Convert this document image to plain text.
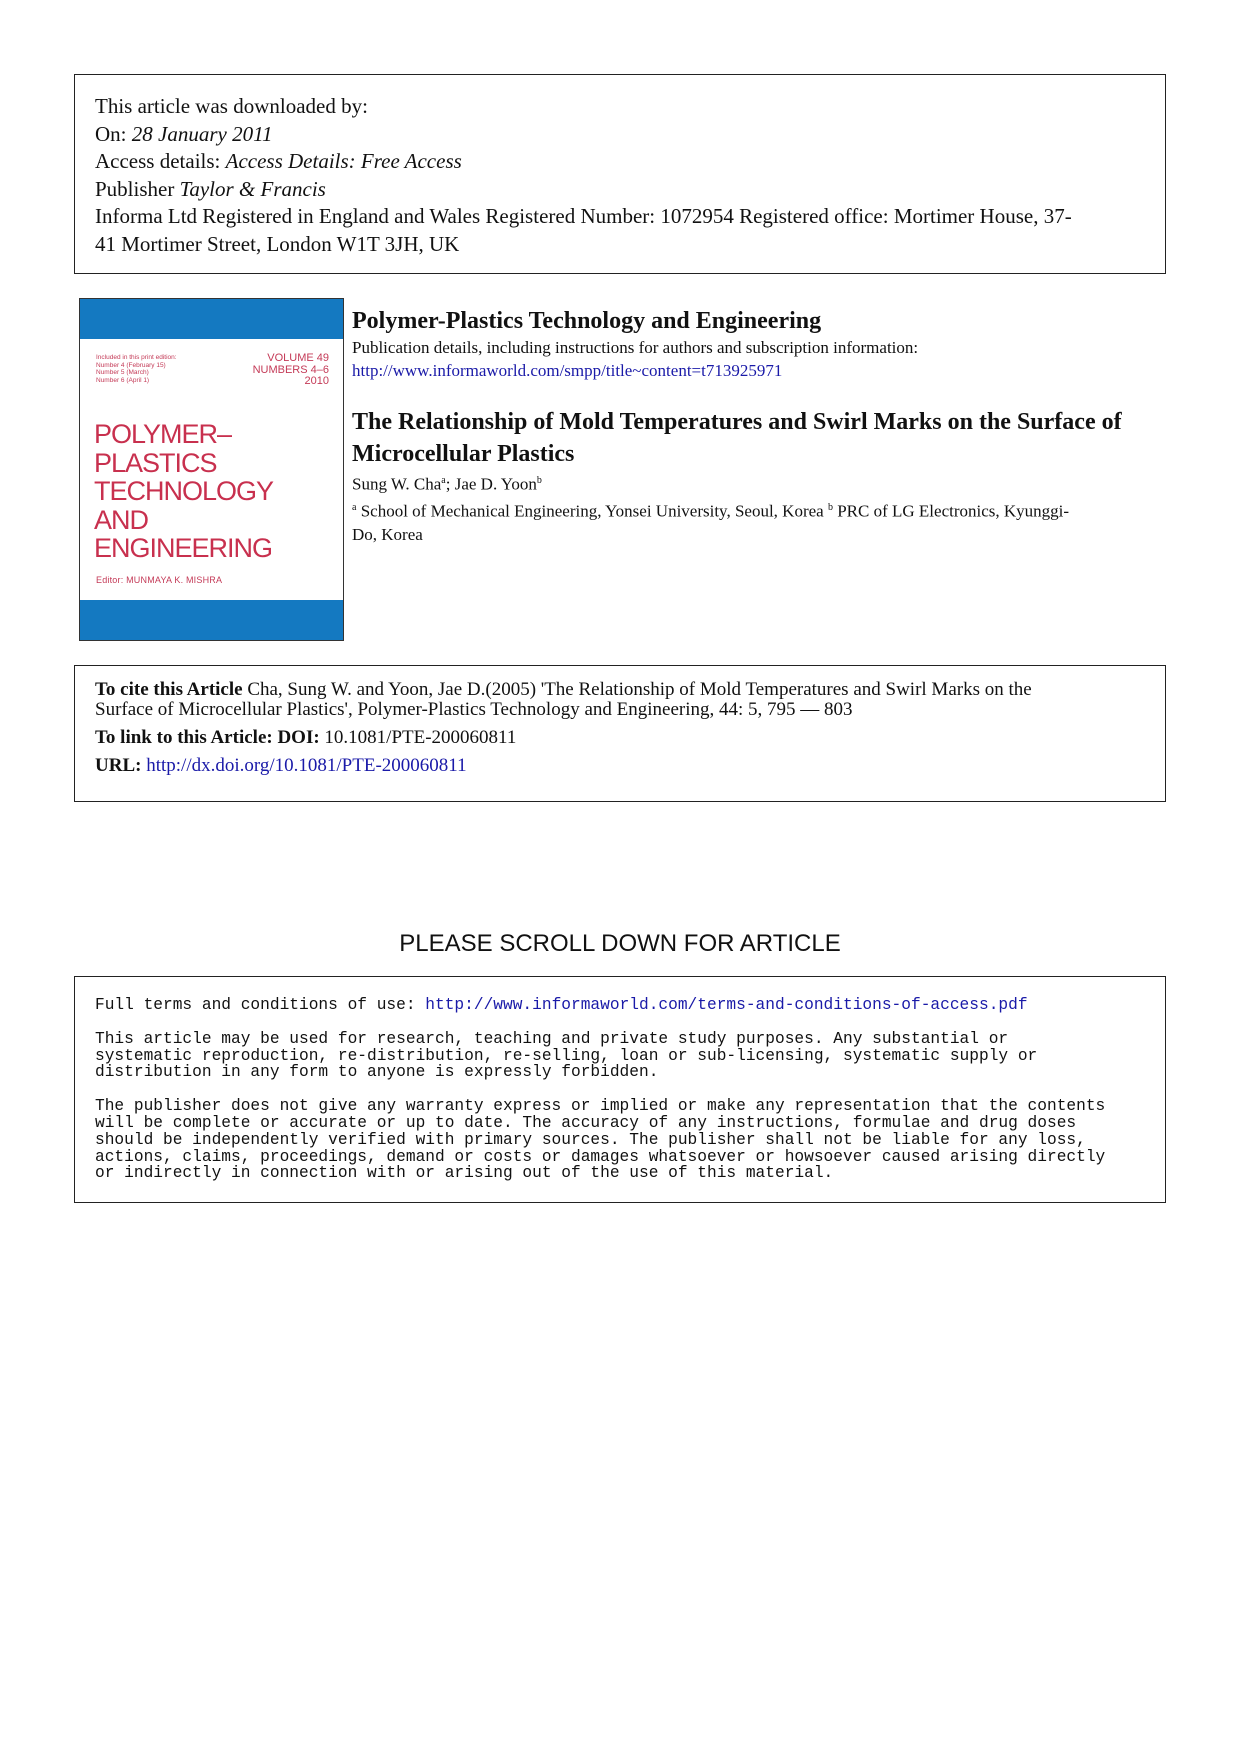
This article was downloaded by:
On: 28 January 2011
Access details: Access Details: Free Access
Publisher Taylor & Francis
Informa Ltd Registered in England and Wales Registered Number: 1072954 Registered office: Mortimer House, 37-
41 Mortimer Street, London W1T 3JH, UK
Included in this print edition:
Number 4 (February 15)
Number 5 (March)
Number 6 (April 1)
VOLUME 49
NUMBERS 4–6
2010
POLYMER–PLASTICS
TECHNOLOGY
AND
ENGINEERING
Editor: MUNMAYA K. MISHRA
Polymer-Plastics Technology and Engineering
Publication details, including instructions for authors and subscription information:
http://www.informaworld.com/smpp/title~content=t713925971
The Relationship of Mold Temperatures and Swirl Marks on the Surface of
Microcellular Plastics
Sung W. Cha$^a$; Jae D. Yoon$^b$
$^a$ School of Mechanical Engineering, Yonsei University, Seoul, Korea $^b$ PRC of LG Electronics, Kyunggi-
Do, Korea
To cite this Article Cha, Sung W. and Yoon, Jae D.(2005) 'The Relationship of Mold Temperatures and Swirl Marks on the
Surface of Microcellular Plastics', Polymer-Plastics Technology and Engineering, 44: 5, 795 — 803
To link to this Article: DOI: 10.1081/PTE-200060811
URL: http://dx.doi.org/10.1081/PTE-200060811
PLEASE SCROLL DOWN FOR ARTICLE
Full terms and conditions of use: http://www.informaworld.com/terms-and-conditions-of-access.pdf
This article may be used for research, teaching and private study purposes. Any substantial or
systematic reproduction, re-distribution, re-selling, loan or sub-licensing, systematic supply or
distribution in any form to anyone is expressly forbidden.
The publisher does not give any warranty express or implied or make any representation that the contents
will be complete or accurate or up to date. The accuracy of any instructions, formulae and drug doses
should be independently verified with primary sources. The publisher shall not be liable for any loss,
actions, claims, proceedings, demand or costs or damages whatsoever or howsoever caused arising directly
or indirectly in connection with or arising out of the use of this material.
